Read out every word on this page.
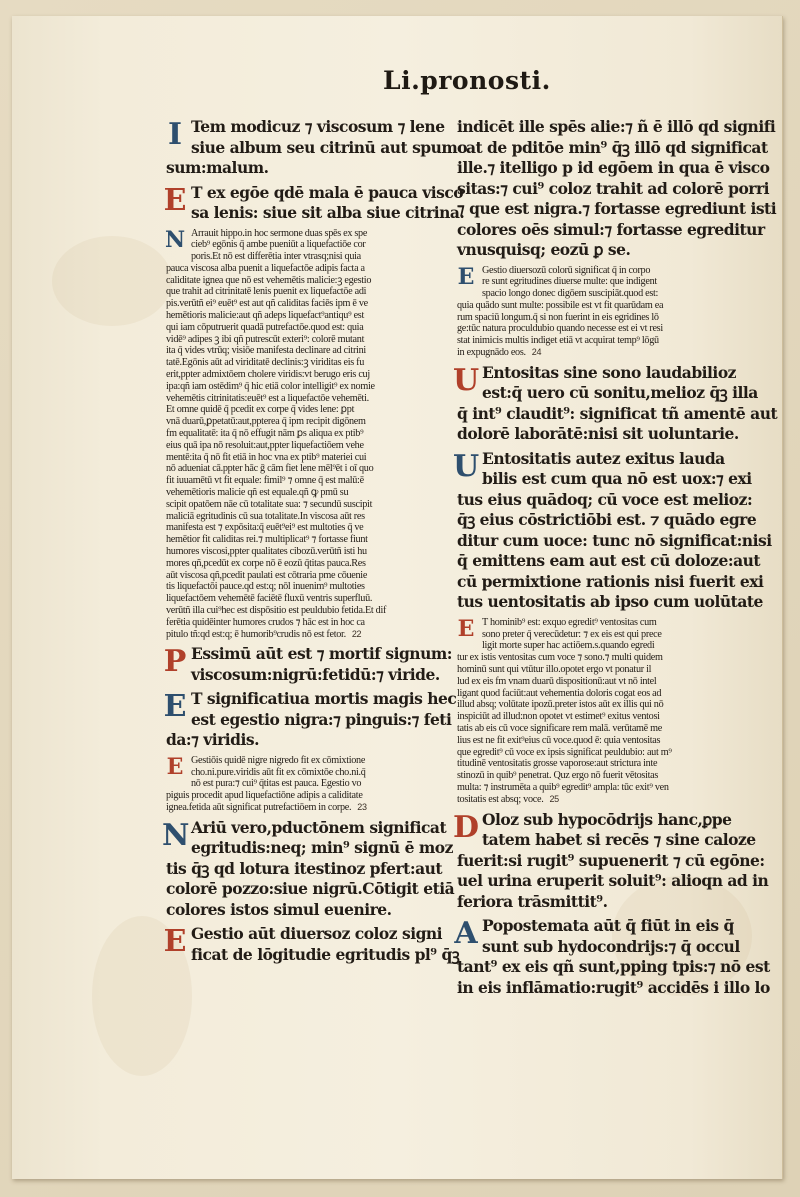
Li.pronosti.
I Tem modicuz ⁊ viscosum ⁊ lene
siue album seu citrinū aut spumo
sum:malum.
E T ex egōe qdē mala ē pauca visco
sa lenis: siue sit alba siue citrina.
N Arrauit hippo.in hoc sermone duas spēs ex spe
cieb⁹ egōnis q̄ ambe pueniūt a liquefactiōe cor
poris.Et nō est differētia inter vtrasq;nisi quia
pauca viscosa alba puenit a liquefactōe adipis facta a
caliditate ignea que nō est vehemētis malicie:ꝫ egestio
que trahit ad citrinitatē lenis puenit ex liquefactōe adi
pis.verūtñ ei⁹ euēt⁹ est aut qñ caliditas faciēs ipm ē ve
hemētioris malicie:aut qñ adeps liquefact⁹antiqu⁹ est
qui iam cōputruerit quadā putrefactōe.quod est: quia
vidē⁹ adipes ꝫ ibi qñ putrescūt exteri⁹: colorē mutant
ita q̄ vides vtrūq; visiōe manifesta declinare ad citrini
tatē.Egōnis aūt ad viriditatē declinis:ꝫ viriditas eis fu
erit,ppter admixtōem cholere viridis:vt berugo eris cuj
ipa:qñ iam ostēdim⁹ q̄ hic etiā color intelligit⁹ ex nomie
vehemētis citrinitatis:euēt⁹ est a liquefactōe vehemēti.
Et omne quidē q̄ pcedit ex corpe q̄ vides lene: ꝑpt
vnā duarū,ꝑpetatū:aut,ppterea q̄ ipm recipit digōnem
fm equalitatē: ita q̄ nō effugit nām ꝑs aliqua ex ptib⁹
eius quā ipa nō resoluit:aut,ppter liquefactiōem vehe
mentē:ita q̄ nō fit etiā in hoc vna ex ptib⁹ materiei cui
nō adueniat cā.ppter hāc ḡ cām fiet lene mēl⁹ēt i oī quo
fit iuuamētū vt fit equale: fimil⁹ ⁊ omne q̄ est malū:ē
vehemētioris malicie qñ est equale.qñ ꝙ pmū su
scipit opatōem nāe cū totalitate sua: ⁊ secundū suscipit
maliciā egritudinis cū sua totalitate.In viscosa aūt res
manifesta est ⁊ expōsita:q̄ euēt⁹ei⁹ est multoties q̄ ve
hemētior fit caliditas rei.⁊ multiplicat⁹ ⁊ fortasse fiunt
humores viscosi,ppter qualitates cibozū.verūtñ isti hu
mores qñ,pcedūt ex corpe nō ē eozū q̄titas pauca.Res
aūt viscosa qñ,pcedit paulati est cōtraria pme cōuenie
tis liquefactōi pauce.qd est:q; nōl inuenim⁹ multoties
liquefactōem vehemētē faciētē fluxū ventris superfluū.
verūtñ illa cui⁹hec est dispōsitio est peuldubio fetida.Et dif
ferētia quidēinter humores crudos ⁊ hāc est in hoc ca
pitulo tñ:qd est:q; ē humorib⁹crudis nō est fetor. 22
P Essimū aūt est ⁊ mortif signum:
viscosum:nigrū:fetidū:⁊ viride.
E T significatiua mortis magis hec
est egestio nigra:⁊ pinguis:⁊ feti
da:⁊ viridis.
E Gestiōis quidē nigre nigredo fit ex cōmixtione
cho.ni.pure.viridis aūt fit ex cōmixtōe cho.ni.q̄
nō est pura:⁊ cui⁹ q̄titas est pauca. Egestio vo
piguis procedit apud liquefactiōne adipis a caliditate
ignea.fetida aūt significat putrefactiōem in corpe. 23
N Ariū vero,pductōnem significat
egritudis:neq; min⁹ signū ē moz
tis q̄ꝫ qd lotura itestinoz pfert:aut
colorē pozzo:siue nigrū.Cōtigit etiā
colores istos simul euenire.
E Gestio aūt diuersoz coloz signi
ficat de lōgitudie egritudis pl⁹ q̄ꝫ
indicēt ille spēs alie:⁊ ñ ē illō qd signifi
cat de pditōe min⁹ q̄ꝫ illō qd significat
ille.⁊ itelligo p id egōem in qua ē visco
sitas:⁊ cui⁹ coloz trahit ad colorē porri
⁊ que est nigra.⁊ fortasse egrediunt isti
colores oēs simul:⁊ fortasse egreditur
vnusquisq; eozū ꝑ se.
E Gestio diuersozū colorū significat q̄ in corpo
re sunt egritudines diuerse multe: que indigent
spacio longo donec digōem suscipiāt.quod est:
quia quādo sunt multe: possibile est vt fit quarūdam ea
rum spaciū longum.q̄ si non fuerint in eis egridines lō
ge:tūc natura proculdubio quando necesse est ei vt resi
stat inimicis multis indiget etiā vt acquirat temp⁹ lōgū
in expugnādo eos. 24
U Entositas sine sono laudabilioz
est:q̄ uero cū sonitu,melioz q̄ꝫ illa
q̄ int⁹ claudit⁹: significat tñ amentē aut
dolorē laborātē:nisi sit uoluntarie.
U Entositatis autez exitus lauda
bilis est cum qua nō est uox:⁊ exi
tus eius quādoq; cū voce est melioz:
q̄ꝫ eius cōstrictiōbi est. ⁊ quādo egre
ditur cum uoce: tunc nō significat:nisi
q̄ emittens eam aut est cū doloze:aut
cū permixtione rationis nisi fuerit exi
tus uentositatis ab ipso cum uolūtate
E T hominib⁹ est: exquo egredit⁹ ventositas cum
sono preter q̄ verecūdetur: ⁊ ex eis est qui prece
ligit morte super hac actiōem.s.quando egredi
tur ex istis ventositas cum voce ⁊ sono.⁊ multi quidem
hominū sunt qui vtūtur illo.opotet ergo vt ponatur il
lud ex eis fm vnam duarū dispositionū:aut vt nō intel
ligant quod faciūt:aut vehementia doloris cogat eos ad
illud absq; volūtate ipozū.preter istos aūt ex illis qui nō
inspiciūt ad illud:non opotet vt estimet⁹ exitus ventosi
tatis ab eis cū voce significare rem malā. verūtamē me
lius est ne fit exit⁹eius cū voce.quod ē: quia ventositas
que egredit⁹ cū voce ex ipsis significat peuldubio: aut m⁹
titudinē ventositatis grosse vaporose:aut strictura inte
stinozū in quib⁹ penetrat. Quz ergo nō fuerit vētositas
multa: ⁊ instrumēta a quib⁹ egredit⁹ ampla: tūc exit⁹ ven
tositatis est absq; voce. 25
D Oloz sub hypocōdrijs hanc,ꝑpe
tatem habet si recēs ⁊ sine caloze
fuerit:si rugit⁹ supuenerit ⁊ cū egōne:
uel urina eruperit soluit⁹: alioqn ad in
feriora trāsmittit⁹.
A Popostemata aūt q̄ fiūt in eis q̄
sunt sub hydocondrijs:⁊ q̄ occul
tant⁹ ex eis qñ sunt,pping tpis:⁊ nō est
in eis inflāmatio:rugit⁹ accidēs i illo lo
